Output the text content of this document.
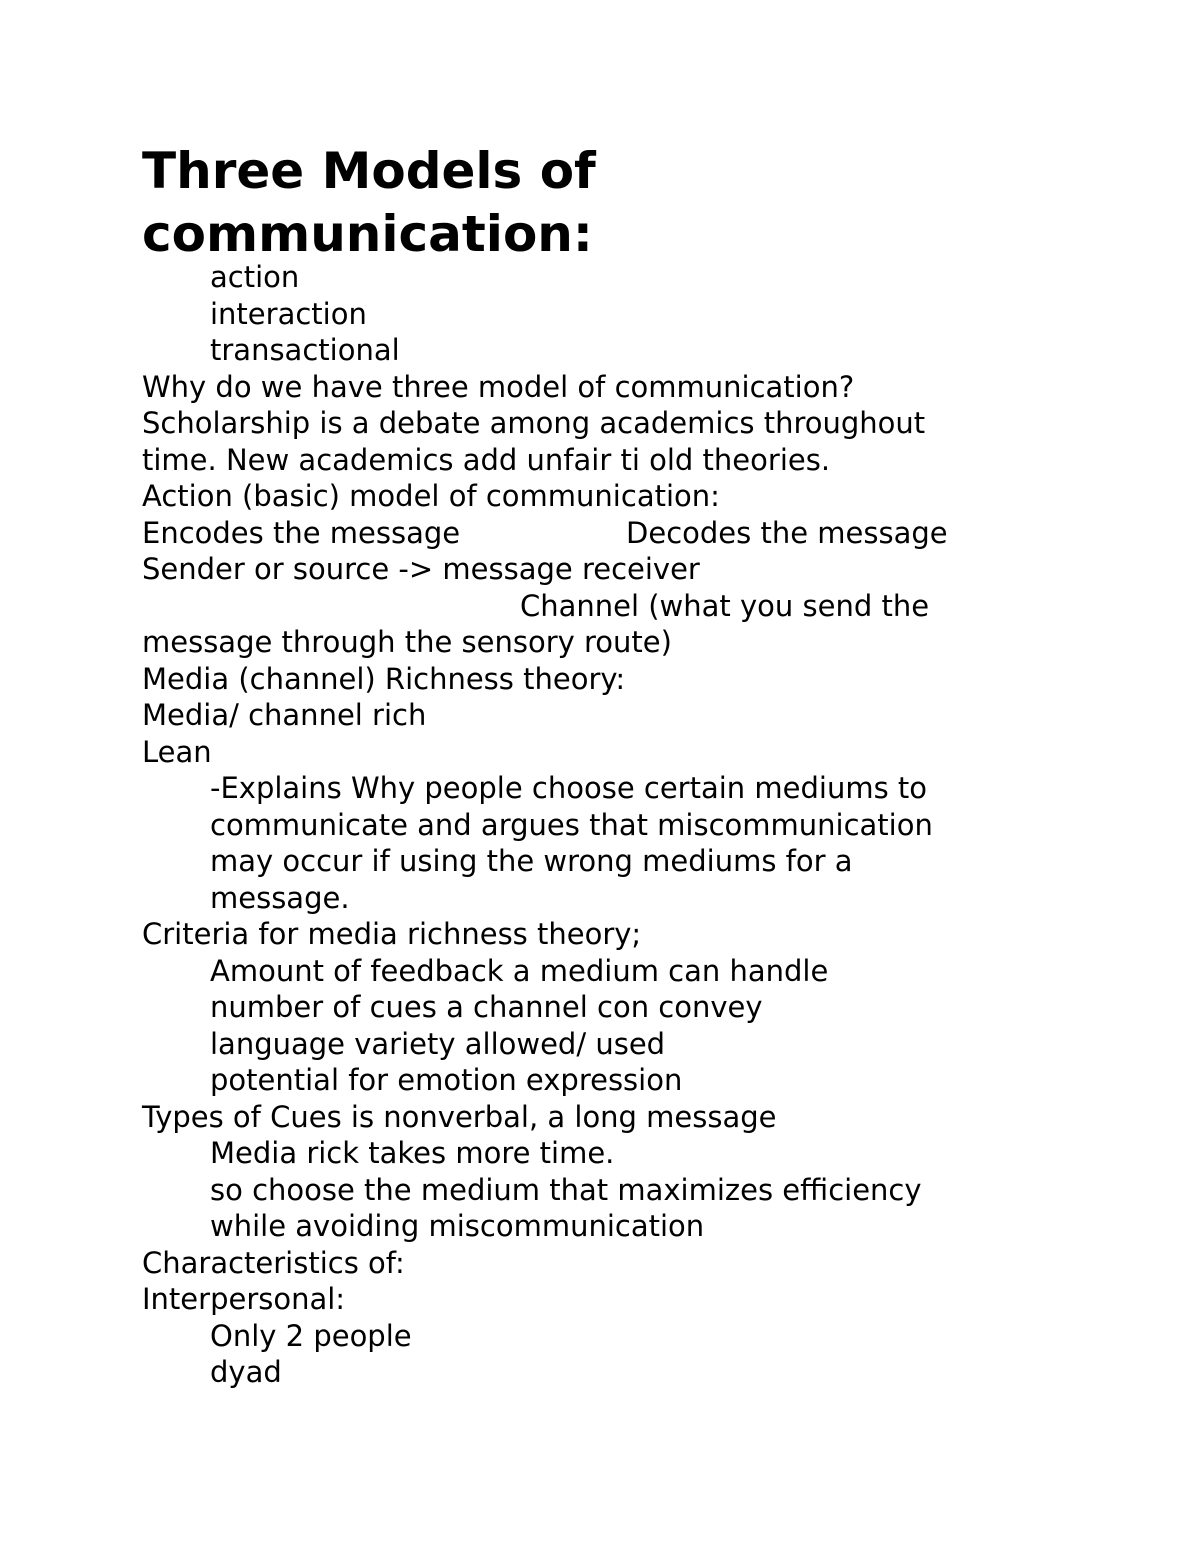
Three Models of
communication:
action
interaction
transactional
Why do we have three model of communication?
Scholarship is a debate among academics throughout
time. New academics add unfair ti old theories.
Action (basic) model of communication:
Encodes the message                  Decodes the message
Sender or source -> message receiver
Channel (what you send the
message through the sensory route)
Media (channel) Richness theory:
Media/ channel rich
Lean
-Explains Why people choose certain mediums to
communicate and argues that miscommunication
may occur if using the wrong mediums for a
message.
Criteria for media richness theory;
Amount of feedback a medium can handle
number of cues a channel con convey
language variety allowed/ used
potential for emotion expression
Types of Cues is nonverbal, a long message
Media rick takes more time.
so choose the medium that maximizes efficiency
while avoiding miscommunication
Characteristics of:
Interpersonal:
Only 2 people
dyad
